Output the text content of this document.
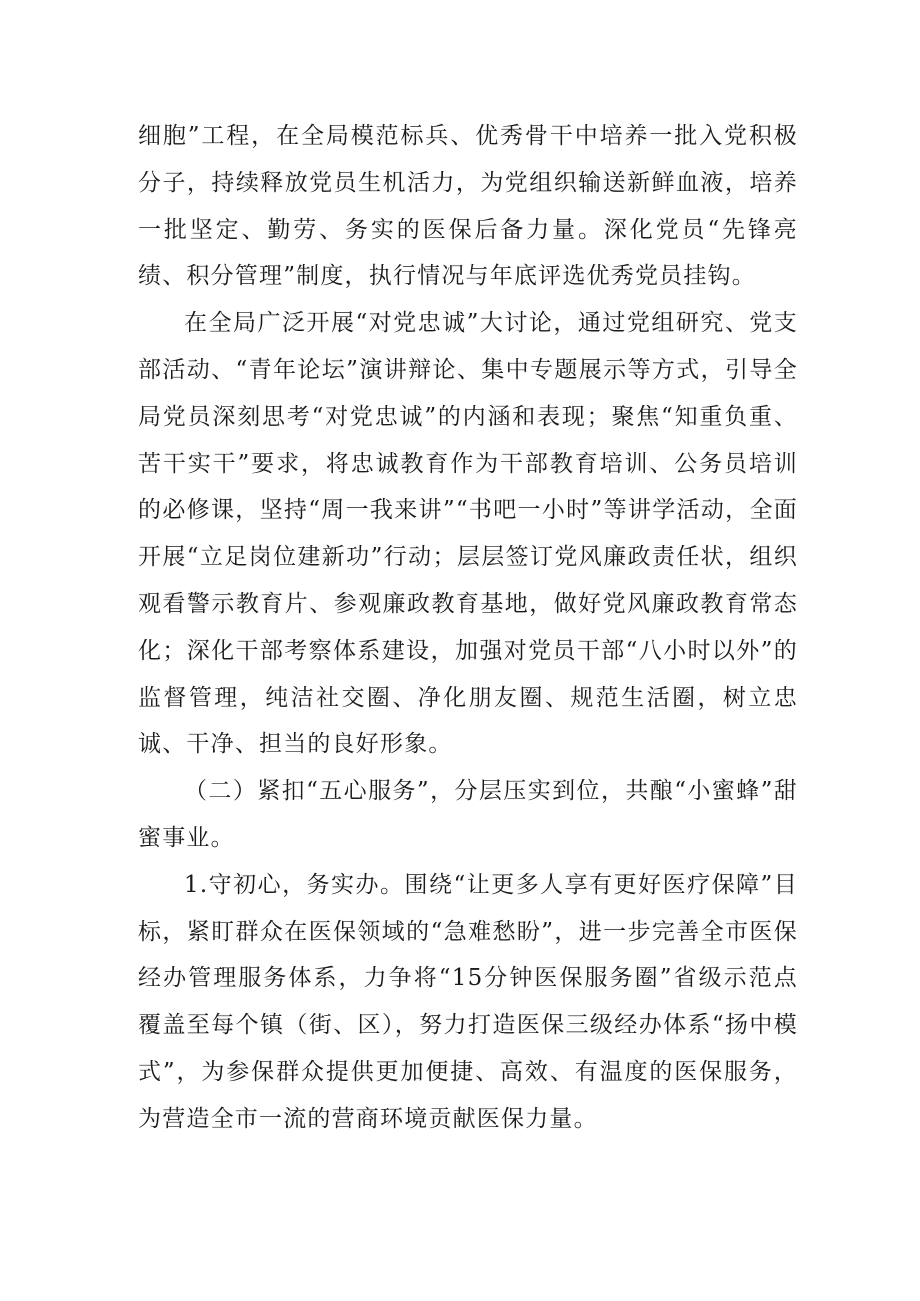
细胞”工程，在全局模范标兵、优秀骨干中培养一批入党积极分子，持续释放党员生机活力，为党组织输送新鲜血液，培养一批坚定、勤劳、务实的医保后备力量。深化党员“先锋亮绩、积分管理”制度，执行情况与年底评选优秀党员挂钩。

在全局广泛开展“对党忠诚”大讨论，通过党组研究、党支部活动、“青年论坛”演讲辩论、集中专题展示等方式，引导全局党员深刻思考“对党忠诚”的内涵和表现；聚焦“知重负重、苦干实干”要求，将忠诚教育作为干部教育培训、公务员培训的必修课，坚持“周一我来讲”“书吧一小时”等讲学活动，全面开展“立足岗位建新功”行动；层层签订党风廉政责任状，组织观看警示教育片、参观廉政教育基地，做好党风廉政教育常态化；深化干部考察体系建设，加强对党员干部“八小时以外”的监督管理，纯洁社交圈、净化朋友圈、规范生活圈，树立忠诚、干净、担当的良好形象。

（二）紧扣“五心服务”，分层压实到位，共酿“小蜜蜂”甜蜜事业。

1.守初心，务实办。围绕“让更多人享有更好医疗保障”目标，紧盯群众在医保领域的“急难愁盼”，进一步完善全市医保经办管理服务体系，力争将“15分钟医保服务圈”省级示范点覆盖至每个镇（街、区），努力打造医保三级经办体系“扬中模式”，为参保群众提供更加便捷、高效、有温度的医保服务，为营造全市一流的营商环境贡献医保力量。
